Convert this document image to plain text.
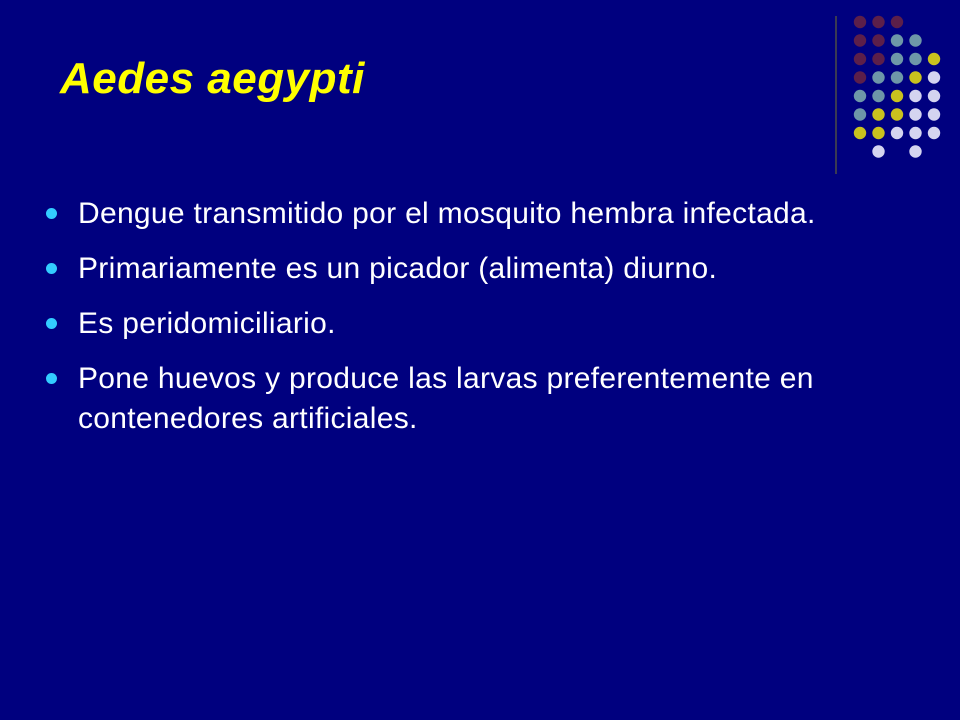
Aedes aegypti
Dengue transmitido por el mosquito hembra infectada.
Primariamente es un picador (alimenta) diurno.
Es peridomiciliario.
Pone huevos y produce las larvas preferentemente en contenedores artificiales.
